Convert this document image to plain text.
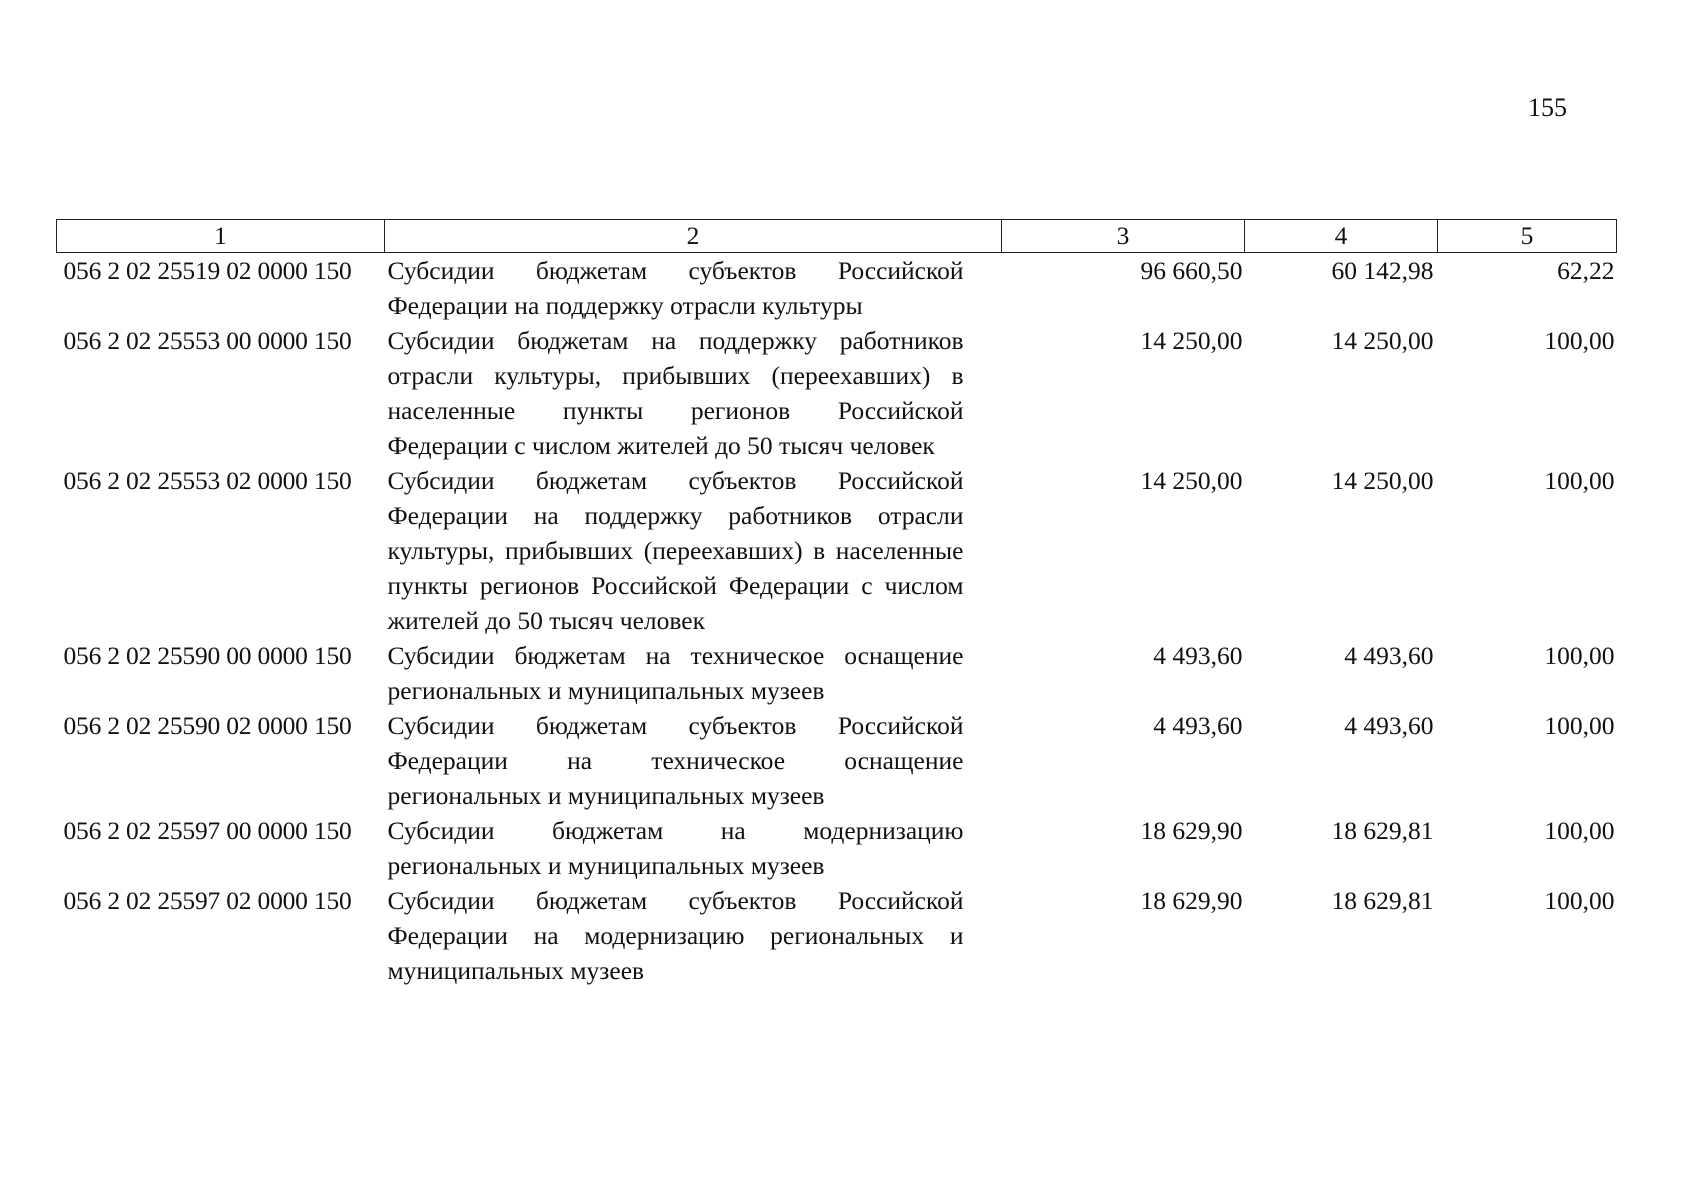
155
1	2	3	4	5
056 2 02 25519 02 0000 150	Субсидии бюджетам субъектов Российской Федерации на поддержку отрасли культуры	96 660,50	60 142,98	62,22
056 2 02 25553 00 0000 150	Субсидии бюджетам на поддержку работников отрасли культуры, прибывших (переехавших) в населенные пункты регионов Российской Федерации с числом жителей до 50 тысяч человек	14 250,00	14 250,00	100,00
056 2 02 25553 02 0000 150	Субсидии бюджетам субъектов Российской Федерации на поддержку работников отрасли культуры, прибывших (переехавших) в населенные пункты регионов Российской Федерации с числом жителей до 50 тысяч человек	14 250,00	14 250,00	100,00
056 2 02 25590 00 0000 150	Субсидии бюджетам на техническое оснащение региональных и муниципальных музеев	4 493,60	4 493,60	100,00
056 2 02 25590 02 0000 150	Субсидии бюджетам субъектов Российской Федерации на техническое оснащение региональных и муниципальных музеев	4 493,60	4 493,60	100,00
056 2 02 25597 00 0000 150	Субсидии бюджетам на модернизацию региональных и муниципальных музеев	18 629,90	18 629,81	100,00
056 2 02 25597 02 0000 150	Субсидии бюджетам субъектов Российской Федерации на модернизацию региональных и муниципальных музеев	18 629,90	18 629,81	100,00
